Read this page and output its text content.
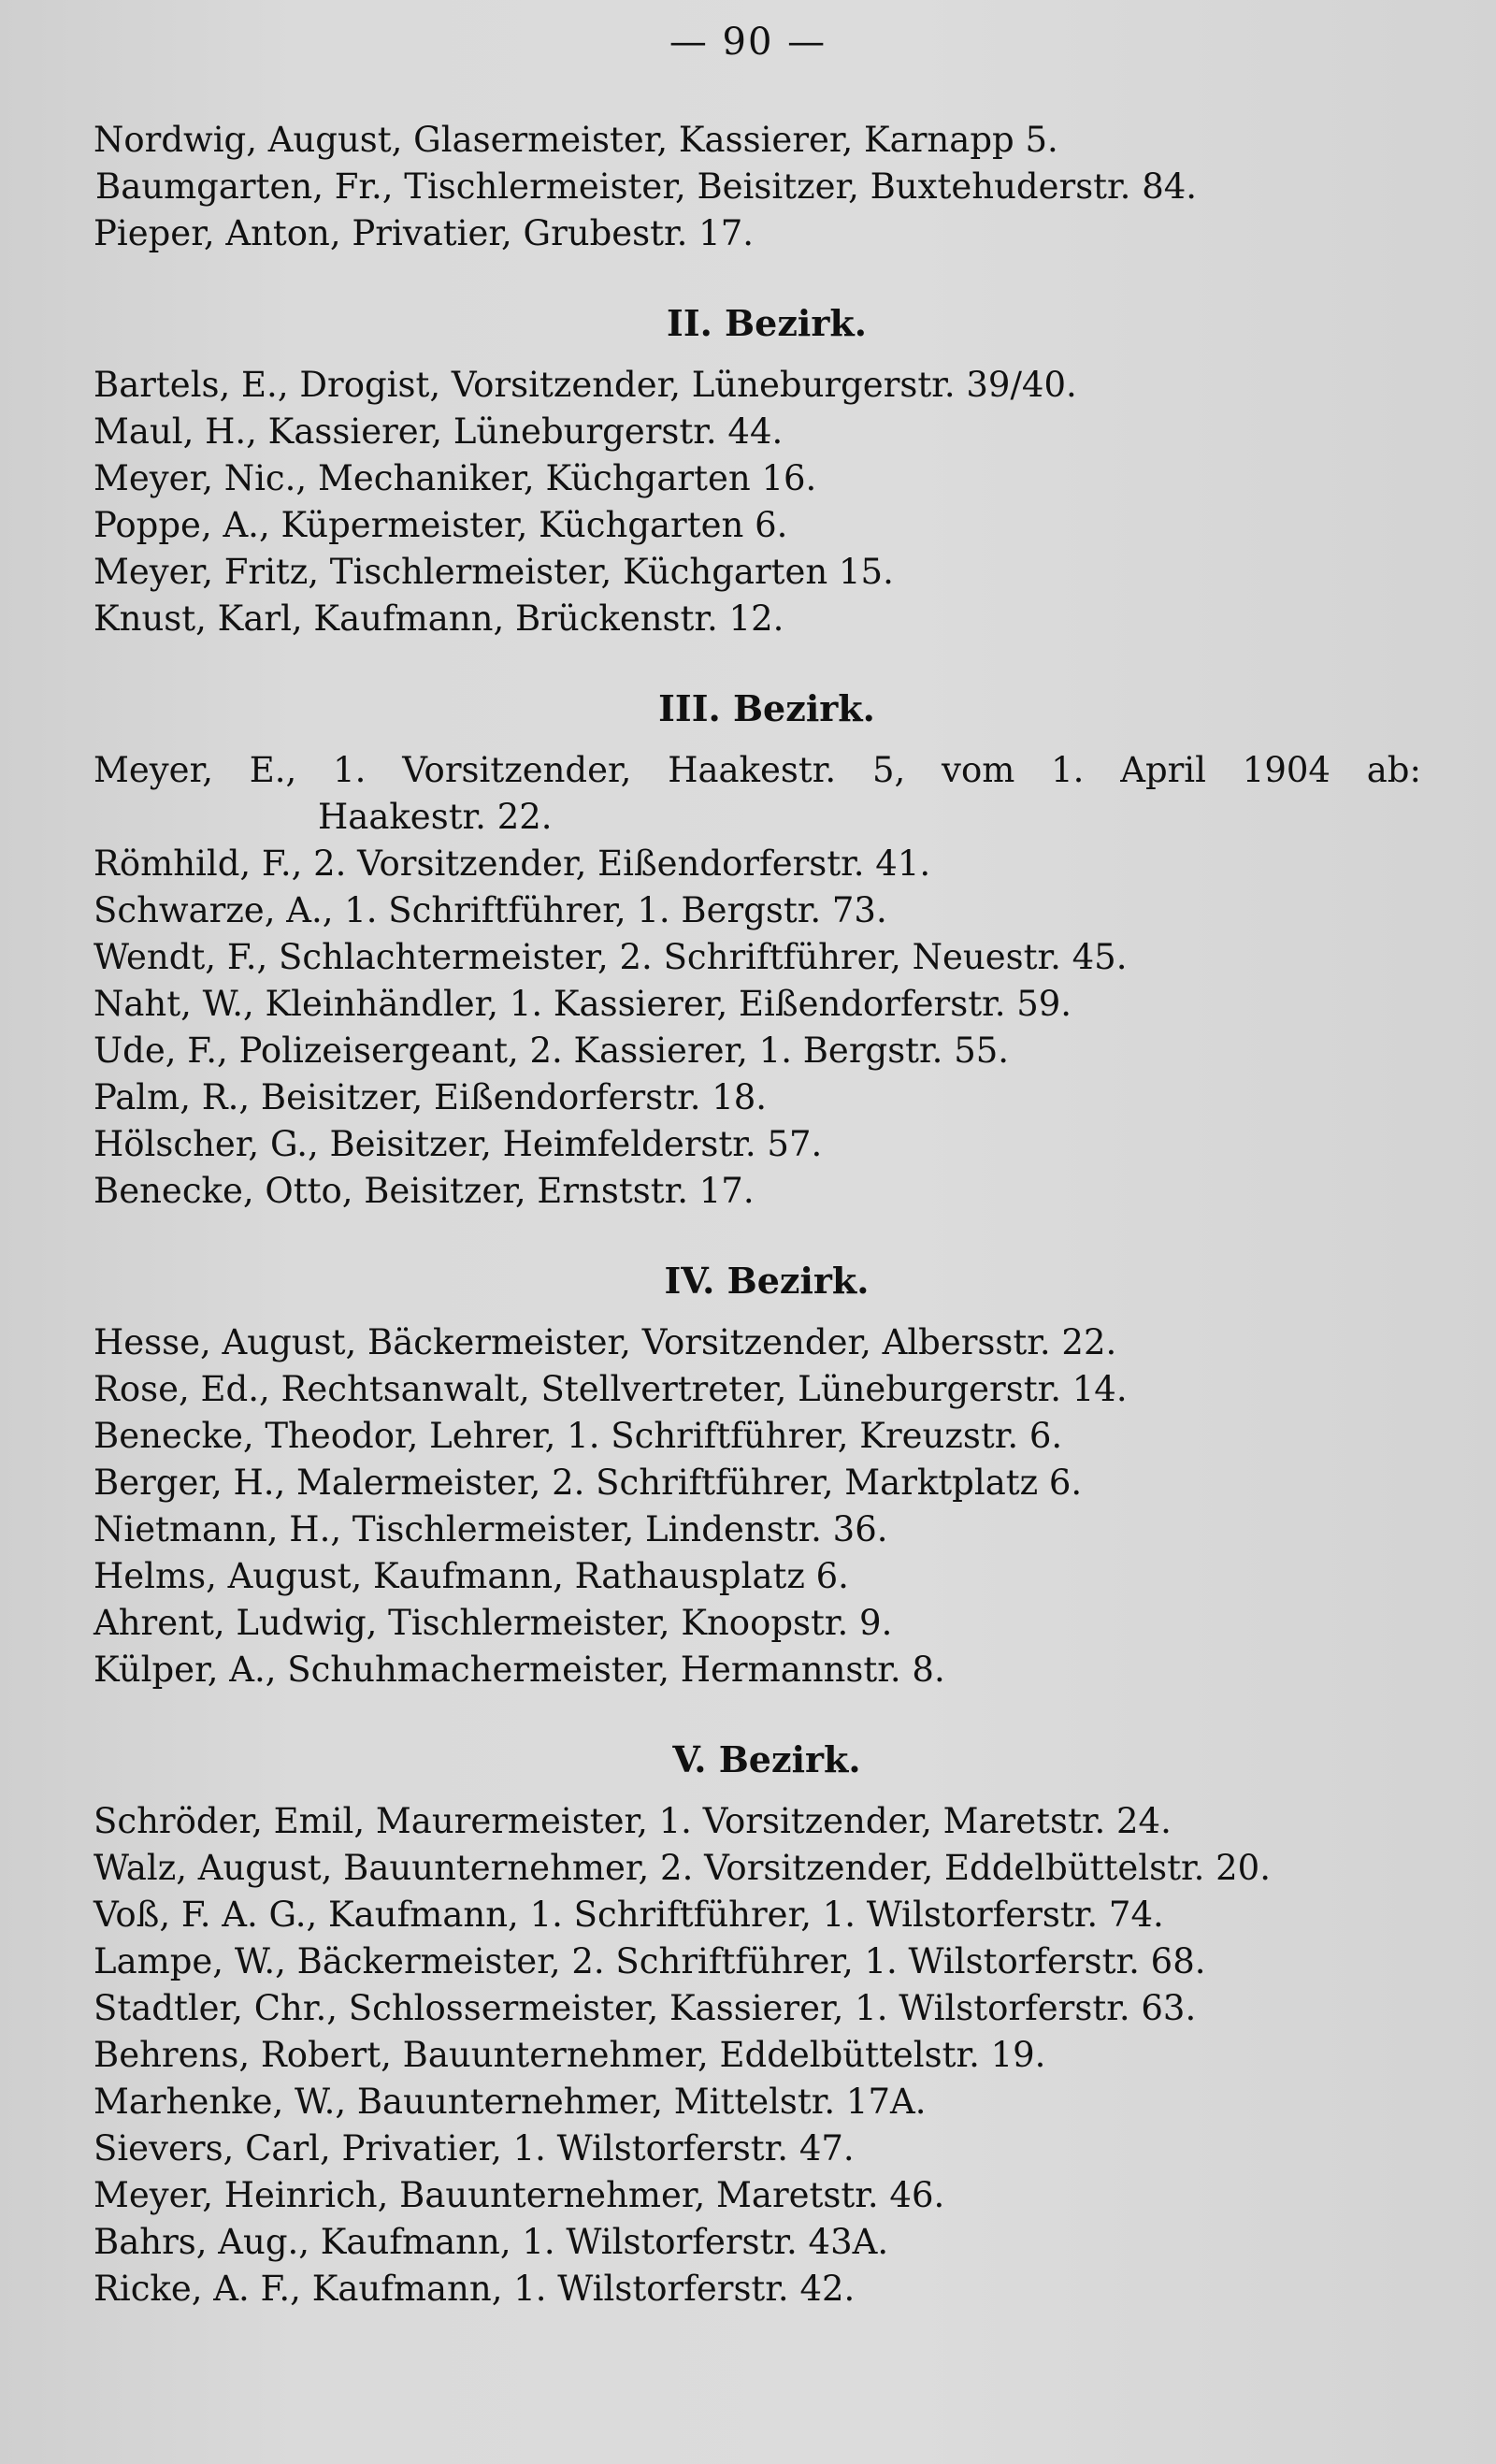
— 90 —
Nordwig, August, Glasermeister, Kassierer, Karnapp 5.
Baumgarten, Fr., Tischlermeister, Beisitzer, Buxtehuderstr. 84.
Pieper, Anton, Privatier, Grubestr. 17.
II. Bezirk.
Bartels, E., Drogist, Vorsitzender, Lüneburgerstr. 39/40.
Maul, H., Kassierer, Lüneburgerstr. 44.
Meyer, Nic., Mechaniker, Küchgarten 16.
Poppe, A., Küpermeister, Küchgarten 6.
Meyer, Fritz, Tischlermeister, Küchgarten 15.
Knust, Karl, Kaufmann, Brückenstr. 12.
III. Bezirk.
Meyer, E., 1. Vorsitzender, Haakestr. 5, vom 1. April 1904 ab:
Haakestr. 22.
Römhild, F., 2. Vorsitzender, Eißendorferstr. 41.
Schwarze, A., 1. Schriftführer, 1. Bergstr. 73.
Wendt, F., Schlachtermeister, 2. Schriftführer, Neuestr. 45.
Naht, W., Kleinhändler, 1. Kassierer, Eißendorferstr. 59.
Ude, F., Polizeisergeant, 2. Kassierer, 1. Bergstr. 55.
Palm, R., Beisitzer, Eißendorferstr. 18.
Hölscher, G., Beisitzer, Heimfelderstr. 57.
Benecke, Otto, Beisitzer, Ernststr. 17.
IV. Bezirk.
Hesse, August, Bäckermeister, Vorsitzender, Albersstr. 22.
Rose, Ed., Rechtsanwalt, Stellvertreter, Lüneburgerstr. 14.
Benecke, Theodor, Lehrer, 1. Schriftführer, Kreuzstr. 6.
Berger, H., Malermeister, 2. Schriftführer, Marktplatz 6.
Nietmann, H., Tischlermeister, Lindenstr. 36.
Helms, August, Kaufmann, Rathausplatz 6.
Ahrent, Ludwig, Tischlermeister, Knoopstr. 9.
Külper, A., Schuhmachermeister, Hermannstr. 8.
V. Bezirk.
Schröder, Emil, Maurermeister, 1. Vorsitzender, Maretstr. 24.
Walz, August, Bauunternehmer, 2. Vorsitzender, Eddelbüttelstr. 20.
Voß, F. A. G., Kaufmann, 1. Schriftführer, 1. Wilstorferstr. 74.
Lampe, W., Bäckermeister, 2. Schriftführer, 1. Wilstorferstr. 68.
Stadtler, Chr., Schlossermeister, Kassierer, 1. Wilstorferstr. 63.
Behrens, Robert, Bauunternehmer, Eddelbüttelstr. 19.
Marhenke, W., Bauunternehmer, Mittelstr. 17A.
Sievers, Carl, Privatier, 1. Wilstorferstr. 47.
Meyer, Heinrich, Bauunternehmer, Maretstr. 46.
Bahrs, Aug., Kaufmann, 1. Wilstorferstr. 43A.
Ricke, A. F., Kaufmann, 1. Wilstorferstr. 42.
